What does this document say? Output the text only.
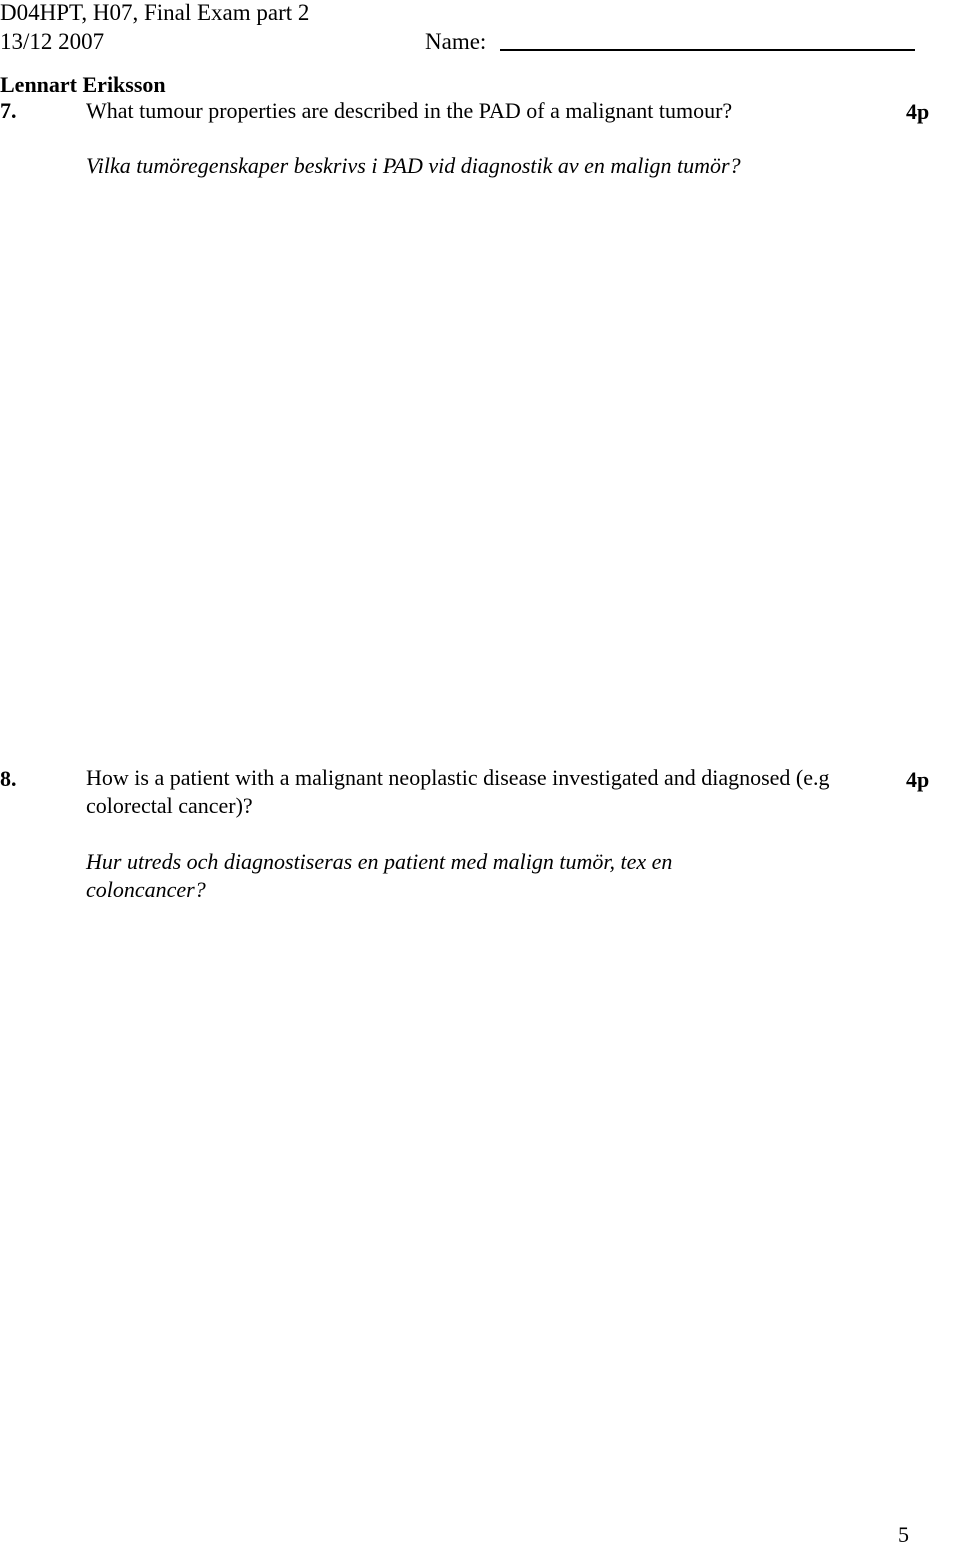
D04HPT, H07, Final Exam part 2
13/12 2007	Name:
Lennart Eriksson
7.	What tumour properties are described in the PAD of a malignant tumour?	4p
Vilka tumöregenskaper beskrivs i PAD vid diagnostik av en malign tumör?
8.	How is a patient with a malignant neoplastic disease investigated and diagnosed (e.g colorectal cancer)?
4p
Hur utreds och diagnostiseras en patient med malign tumör, tex en coloncancer?
5
